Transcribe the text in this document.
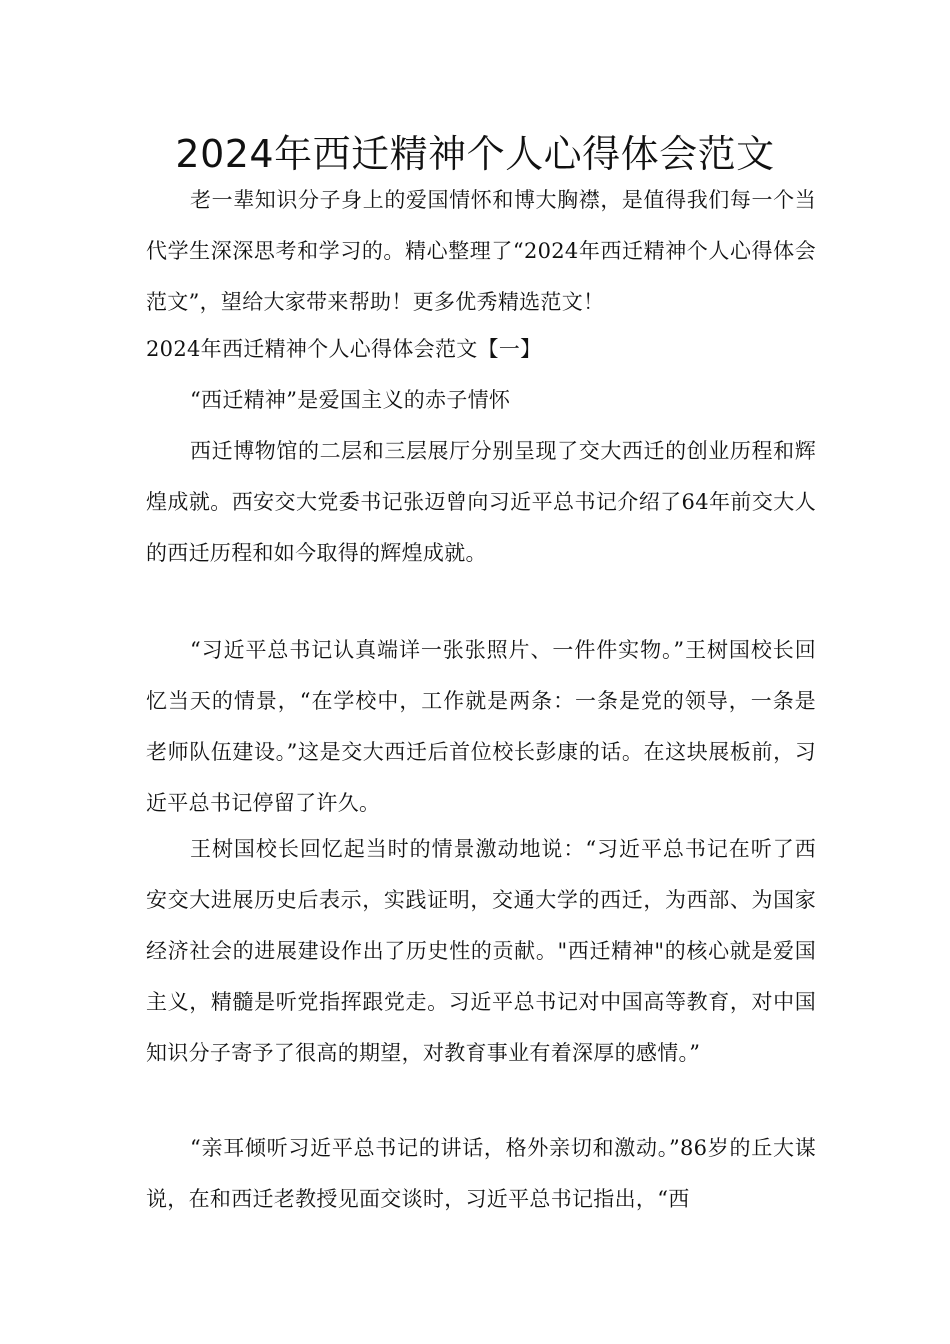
2024年西迁精神个人心得体会范文

老一辈知识分子身上的爱国情怀和博大胸襟，是值得我们每一个当代学生深深思考和学习的。精心整理了“2024年西迁精神个人心得体会范文”，望给大家带来帮助！更多优秀精选范文！

2024年西迁精神个人心得体会范文【一】

“西迁精神”是爱国主义的赤子情怀

西迁博物馆的二层和三层展厅分别呈现了交大西迁的创业历程和辉煌成就。西安交大党委书记张迈曾向习近平总书记介绍了64年前交大人的西迁历程和如今取得的辉煌成就。

“习近平总书记认真端详一张张照片、一件件实物。”王树国校长回忆当天的情景，“在学校中，工作就是两条：一条是党的领导，一条是老师队伍建设。”这是交大西迁后首位校长彭康的话。在这块展板前，习近平总书记停留了许久。

王树国校长回忆起当时的情景激动地说：“习近平总书记在听了西安交大进展历史后表示，实践证明，交通大学的西迁，为西部、为国家经济社会的进展建设作出了历史性的贡献。"西迁精神"的核心就是爱国主义，精髓是听党指挥跟党走。习近平总书记对中国高等教育，对中国知识分子寄予了很高的期望，对教育事业有着深厚的感情。”

“亲耳倾听习近平总书记的讲话，格外亲切和激动。”86岁的丘大谋说，在和西迁老教授见面交谈时，习近平总书记指出，“西
